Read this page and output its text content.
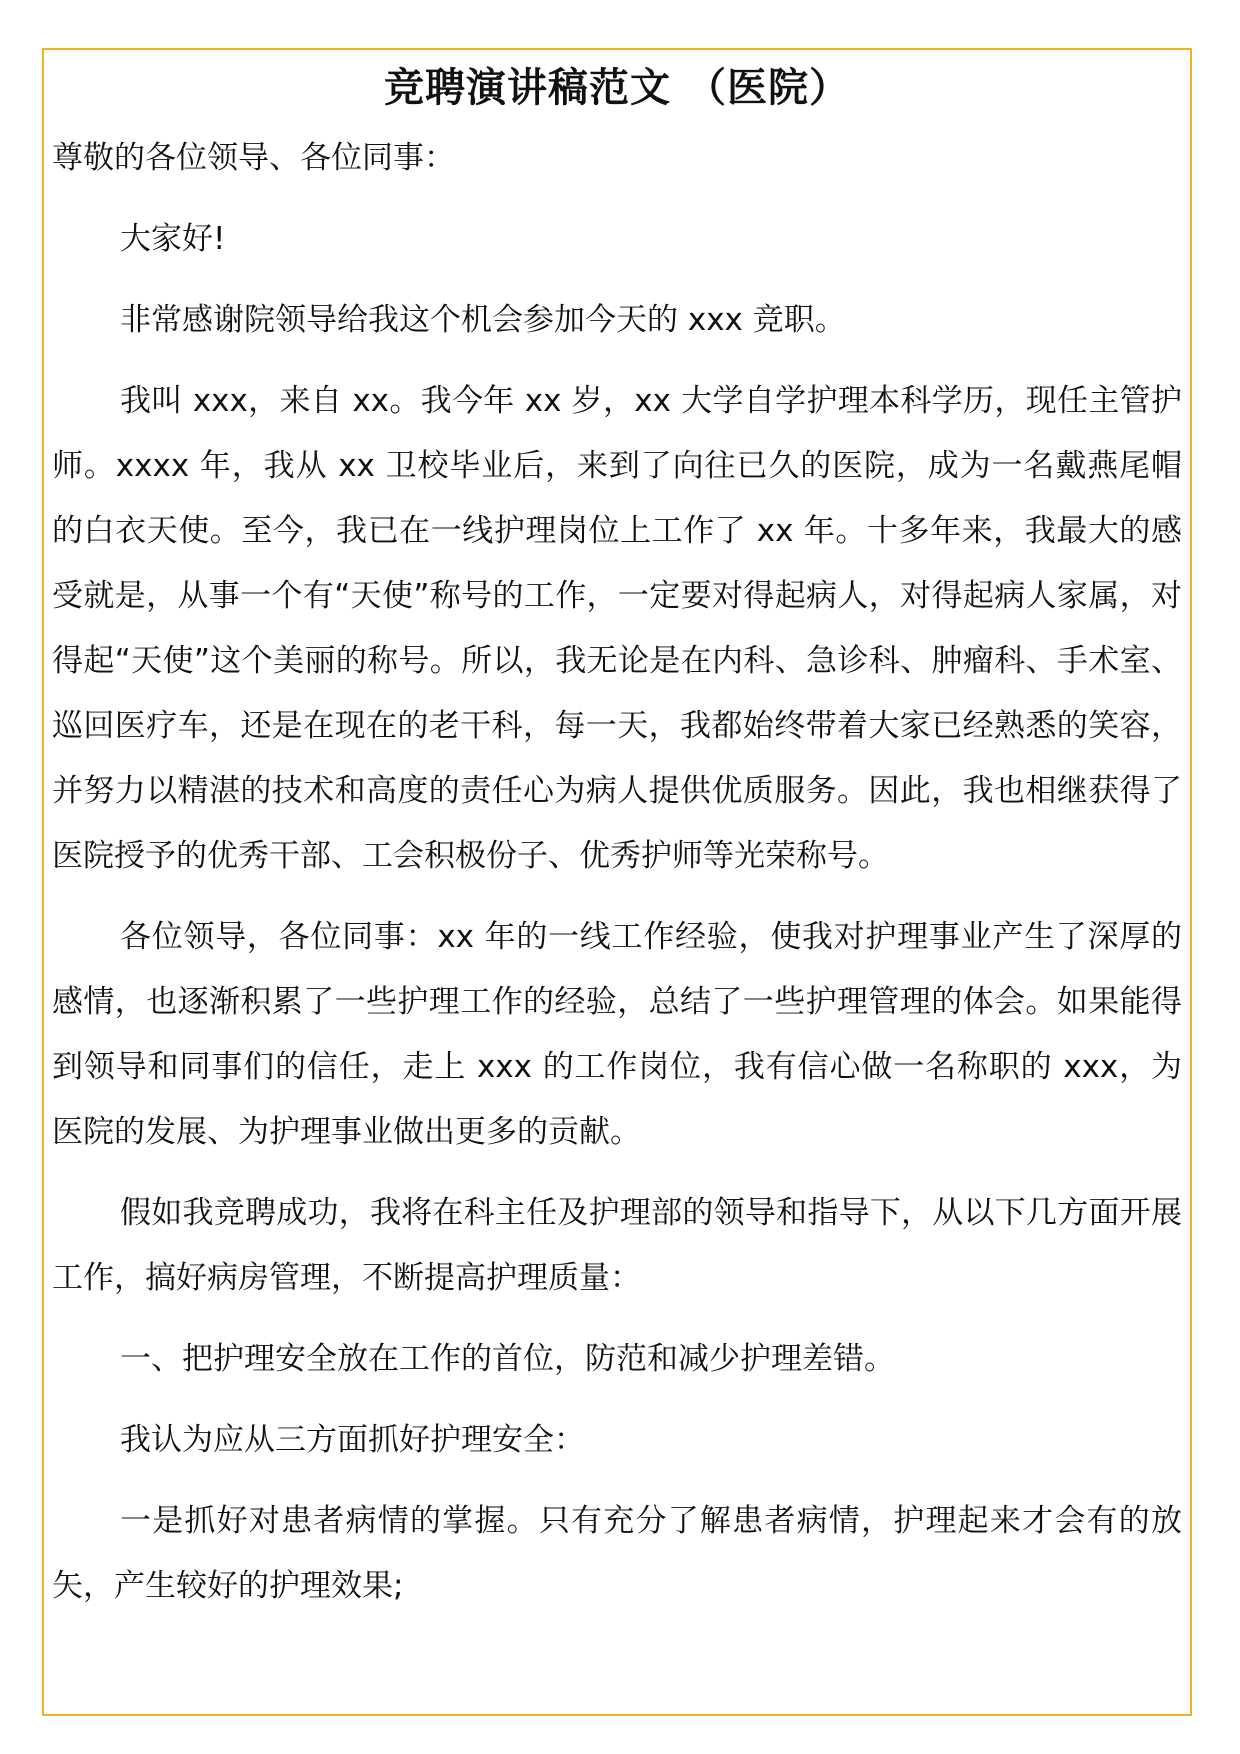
竞聘演讲稿范文 （医院）

尊敬的各位领导、各位同事：

大家好!

非常感谢院领导给我这个机会参加今天的 xxx 竞职。

我叫 xxx，来自 xx。我今年 xx 岁，xx 大学自学护理本科学历，现任主管护师。xxxx 年，我从 xx 卫校毕业后，来到了向往已久的医院，成为一名戴燕尾帽的白衣天使。至今，我已在一线护理岗位上工作了 xx 年。十多年来，我最大的感受就是，从事一个有“天使”称号的工作，一定要对得起病人，对得起病人家属，对得起“天使”这个美丽的称号。所以，我无论是在内科、急诊科、肿瘤科、手术室、巡回医疗车，还是在现在的老干科，每一天，我都始终带着大家已经熟悉的笑容，并努力以精湛的技术和高度的责任心为病人提供优质服务。因此，我也相继获得了医院授予的优秀干部、工会积极份子、优秀护师等光荣称号。

各位领导，各位同事：xx 年的一线工作经验，使我对护理事业产生了深厚的感情，也逐渐积累了一些护理工作的经验，总结了一些护理管理的体会。如果能得到领导和同事们的信任，走上 xxx 的工作岗位，我有信心做一名称职的 xxx，为医院的发展、为护理事业做出更多的贡献。

假如我竞聘成功，我将在科主任及护理部的领导和指导下，从以下几方面开展工作，搞好病房管理，不断提高护理质量：

一、把护理安全放在工作的首位，防范和减少护理差错。

我认为应从三方面抓好护理安全：

一是抓好对患者病情的掌握。只有充分了解患者病情，护理起来才会有的放矢，产生较好的护理效果;
